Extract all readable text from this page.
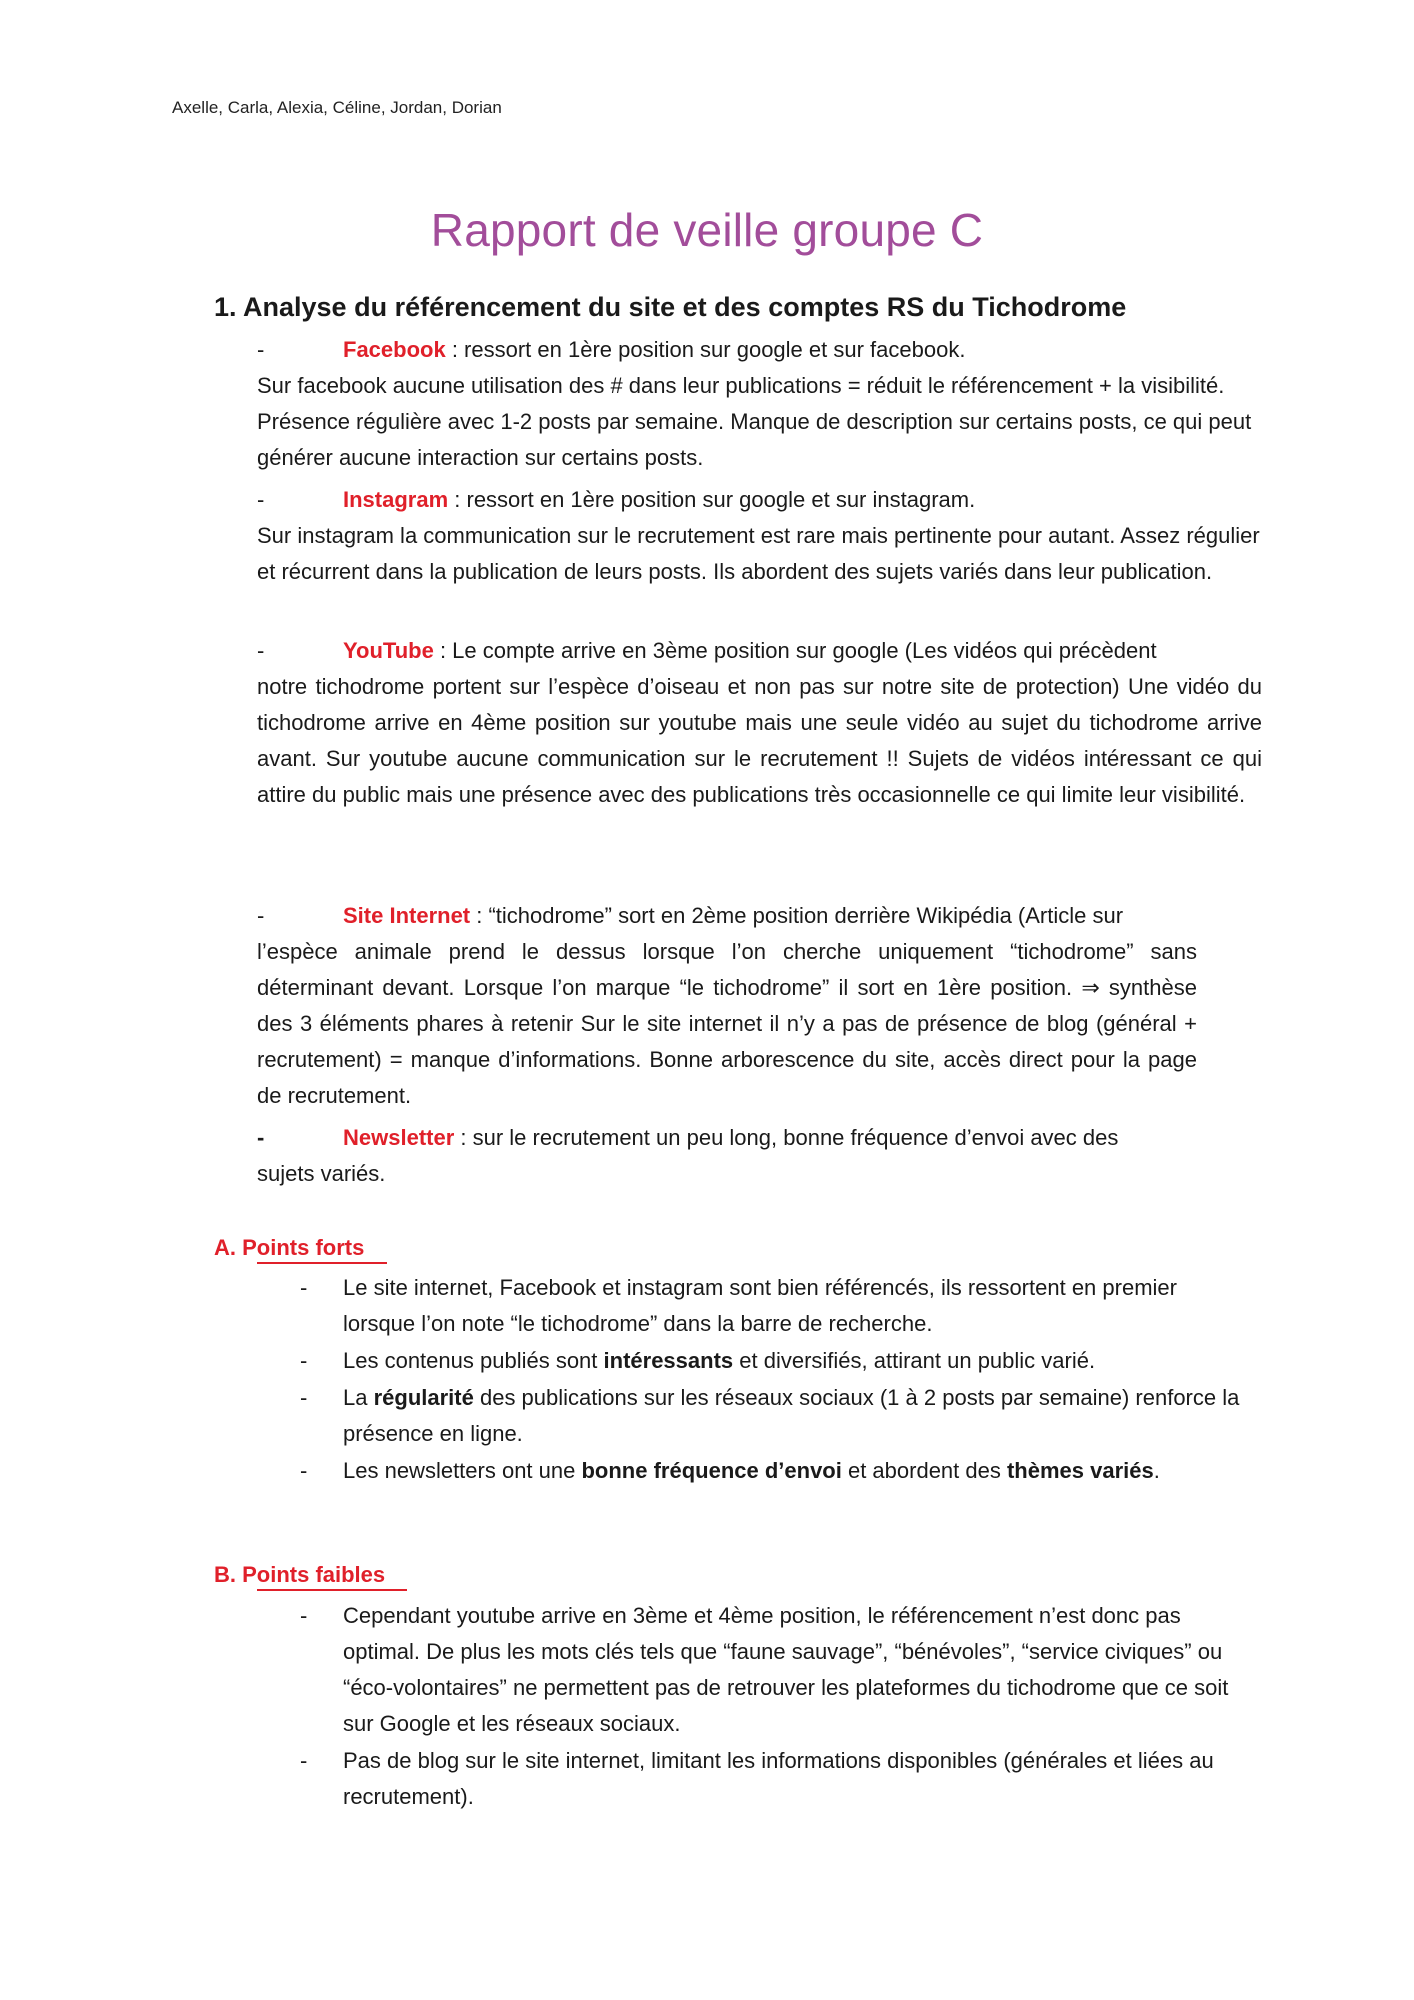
Axelle, Carla, Alexia, Céline, Jordan, Dorian
Rapport de veille groupe C
1. Analyse du référencement du site et des comptes RS du Tichodrome
-	Facebook : ressort en 1ère position sur google et sur facebook.
Sur facebook aucune utilisation des # dans leur publications = réduit le référencement + la visibilité. Présence régulière avec 1-2 posts par semaine. Manque de description sur certains posts, ce qui peut générer aucune interaction sur certains posts.
-	Instagram : ressort en 1ère position sur google et sur instagram.
Sur instagram la communication sur le recrutement est rare mais pertinente pour autant. Assez régulier et récurrent dans la publication de leurs posts. Ils abordent des sujets variés dans leur publication.
-	YouTube : Le compte arrive en 3ème position sur google (Les vidéos qui précèdent
notre tichodrome portent sur l’espèce d’oiseau et non pas sur notre site de protection) Une vidéo du tichodrome arrive en 4ème position sur youtube mais une seule vidéo au sujet du tichodrome arrive avant. Sur youtube aucune communication sur le recrutement !! Sujets de vidéos intéressant ce qui attire du public mais une présence avec des publications très occasionnelle ce qui limite leur visibilité.
-	Site Internet : “tichodrome” sort en 2ème position derrière Wikipédia (Article sur
l’espèce animale prend le dessus lorsque l’on cherche uniquement “tichodrome” sans déterminant devant. Lorsque l’on marque “le tichodrome” il sort en 1ère position. ⇒ synthèse des 3 éléments phares à retenir Sur le site internet il n’y a pas de présence de blog (général + recrutement) = manque d’informations. Bonne arborescence du site, accès direct pour la page de recrutement.
-	Newsletter : sur le recrutement un peu long, bonne fréquence d’envoi avec des
sujets variés.
A. Points forts
- Le site internet, Facebook et instagram sont bien référencés, ils ressortent en premier lorsque l’on note “le tichodrome” dans la barre de recherche.
- Les contenus publiés sont intéressants et diversifiés, attirant un public varié.
- La régularité des publications sur les réseaux sociaux (1 à 2 posts par semaine) renforce la présence en ligne.
- Les newsletters ont une bonne fréquence d’envoi et abordent des thèmes variés.
B. Points faibles
- Cependant youtube arrive en 3ème et 4ème position, le référencement n’est donc pas optimal. De plus les mots clés tels que “faune sauvage”, “bénévoles”, “service civiques” ou “éco-volontaires” ne permettent pas de retrouver les plateformes du tichodrome que ce soit sur Google et les réseaux sociaux.
- Pas de blog sur le site internet, limitant les informations disponibles (générales et liées au recrutement).
